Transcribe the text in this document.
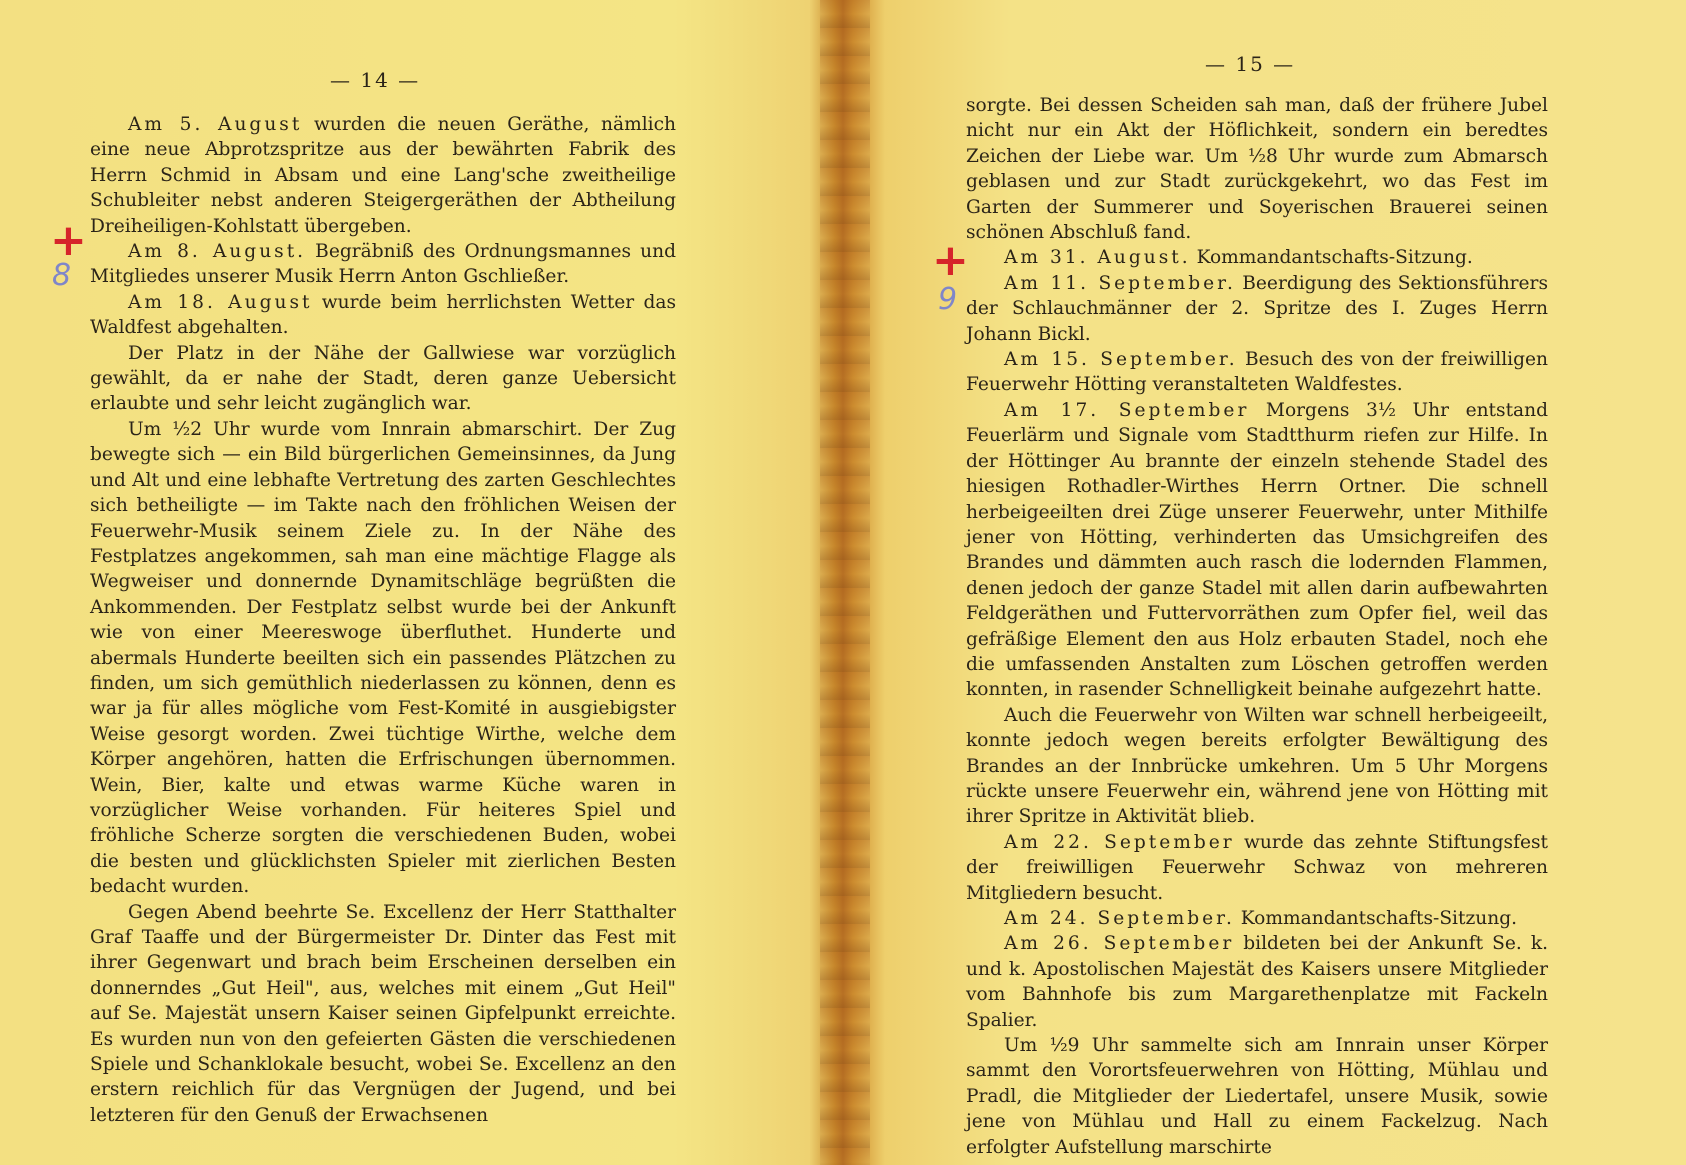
— 14 —

Am 5. August wurden die neuen Geräthe, nämlich eine neue Abprotzspritze aus der bewährten Fabrik des Herrn Schmid in Absam und eine Lang'sche zweitheilige Schubleiter nebst anderen Steigergeräthen der Abtheilung Dreiheiligen-Kohlstatt übergeben.

Am 8. August. Begräbniß des Ordnungsmannes und Mitgliedes unserer Musik Herrn Anton Gschließer.

Am 18. August wurde beim herrlichsten Wetter das Waldfest abgehalten.

Der Platz in der Nähe der Gallwiese war vorzüglich gewählt, da er nahe der Stadt, deren ganze Uebersicht erlaubte und sehr leicht zugänglich war.

Um ½2 Uhr wurde vom Innrain abmarschirt. Der Zug bewegte sich — ein Bild bürgerlichen Gemeinsinnes, da Jung und Alt und eine lebhafte Vertretung des zarten Geschlechtes sich betheiligte — im Takte nach den fröhlichen Weisen der Feuerwehr-Musik seinem Ziele zu. In der Nähe des Festplatzes angekommen, sah man eine mächtige Flagge als Wegweiser und donnernde Dynamitschläge begrüßten die Ankommenden. Der Festplatz selbst wurde bei der Ankunft wie von einer Meereswoge überfluthet. Hunderte und abermals Hunderte beeilten sich ein passendes Plätzchen zu finden, um sich gemüthlich niederlassen zu können, denn es war ja für alles mögliche vom Fest-Komité in ausgiebigster Weise gesorgt worden. Zwei tüchtige Wirthe, welche dem Körper angehören, hatten die Erfrischungen übernommen. Wein, Bier, kalte und etwas warme Küche waren in vorzüglicher Weise vorhanden. Für heiteres Spiel und fröhliche Scherze sorgten die verschiedenen Buden, wobei die besten und glücklichsten Spieler mit zierlichen Besten bedacht wurden.

Gegen Abend beehrte Se. Excellenz der Herr Statthalter Graf Taaffe und der Bürgermeister Dr. Dinter das Fest mit ihrer Gegenwart und brach beim Erscheinen derselben ein donnerndes „Gut Heil", aus, welches mit einem „Gut Heil" auf Se. Majestät unsern Kaiser seinen Gipfelpunkt erreichte. Es wurden nun von den gefeierten Gästen die verschiedenen Spiele und Schanklokale besucht, wobei Se. Excellenz an den erstern reichlich für das Vergnügen der Jugend, und bei letzteren für den Genuß der Erwachsenen

+
8
— 15 —

sorgte. Bei dessen Scheiden sah man, daß der frühere Jubel nicht nur ein Akt der Höflichkeit, sondern ein beredtes Zeichen der Liebe war. Um ½8 Uhr wurde zum Abmarsch geblasen und zur Stadt zurückgekehrt, wo das Fest im Garten der Summerer und Soyerischen Brauerei seinen schönen Abschluß fand.

Am 31. August. Kommandantschafts-Sitzung.

Am 11. September. Beerdigung des Sektionsführers der Schlauchmänner der 2. Spritze des I. Zuges Herrn Johann Bickl.

Am 15. September. Besuch des von der freiwilligen Feuerwehr Hötting veranstalteten Waldfestes.

Am 17. September Morgens 3½ Uhr entstand Feuerlärm und Signale vom Stadtthurm riefen zur Hilfe. In der Höttinger Au brannte der einzeln stehende Stadel des hiesigen Rothadler-Wirthes Herrn Ortner. Die schnell herbeigeeilten drei Züge unserer Feuerwehr, unter Mithilfe jener von Hötting, verhinderten das Umsichgreifen des Brandes und dämmten auch rasch die lodernden Flammen, denen jedoch der ganze Stadel mit allen darin aufbewahrten Feldgeräthen und Futtervorräthen zum Opfer fiel, weil das gefräßige Element den aus Holz erbauten Stadel, noch ehe die umfassenden Anstalten zum Löschen getroffen werden konnten, in rasender Schnelligkeit beinahe aufgezehrt hatte.

Auch die Feuerwehr von Wilten war schnell herbeigeeilt, konnte jedoch wegen bereits erfolgter Bewältigung des Brandes an der Innbrücke umkehren. Um 5 Uhr Morgens rückte unsere Feuerwehr ein, während jene von Hötting mit ihrer Spritze in Aktivität blieb.

Am 22. September wurde das zehnte Stiftungsfest der freiwilligen Feuerwehr Schwaz von mehreren Mitgliedern besucht.

Am 24. September. Kommandantschafts-Sitzung.

Am 26. September bildeten bei der Ankunft Se. k. und k. Apostolischen Majestät des Kaisers unsere Mitglieder vom Bahnhofe bis zum Margarethenplatze mit Fackeln Spalier.

Um ½9 Uhr sammelte sich am Innrain unser Körper sammt den Vorortsfeuerwehren von Hötting, Mühlau und Pradl, die Mitglieder der Liedertafel, unsere Musik, sowie jene von Mühlau und Hall zu einem Fackelzug. Nach erfolgter Aufstellung marschirte

+
9
